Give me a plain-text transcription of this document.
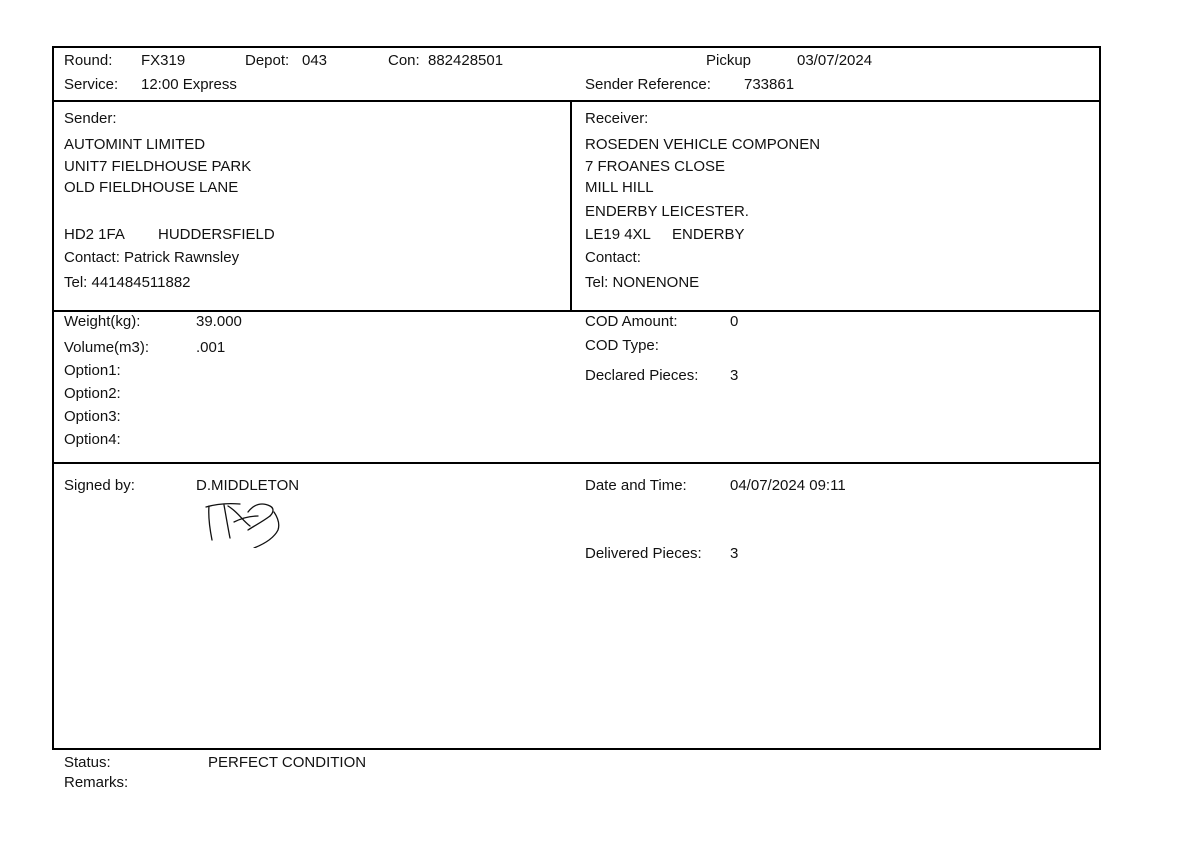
Round: FX319	Depot: 043	Con: 882428501	Pickup	03/07/2024
Service: 12:00 Express	Sender Reference: 733861
Sender:
AUTOMINT LIMITED
UNIT7 FIELDHOUSE PARK
OLD FIELDHOUSE LANE
HD2 1FA HUDDERSFIELD
Contact: Patrick Rawnsley
Tel: 441484511882
Receiver:
ROSEDEN VEHICLE COMPONEN
7 FROANES CLOSE
MILL HILL
ENDERBY LEICESTER.
LE19 4XL ENDERBY
Contact:
Tel: NONENONE
Weight(kg):	39.000
Volume(m3):	.001
Option1:
Option2:
Option3:
Option4:
COD Amount:	0
COD Type:
Declared Pieces: 3
Signed by:	D.MIDDLETON	Date and Time:	04/07/2024 09:11
Delivered Pieces: 3
Status:	PERFECT CONDITION
Remarks:
